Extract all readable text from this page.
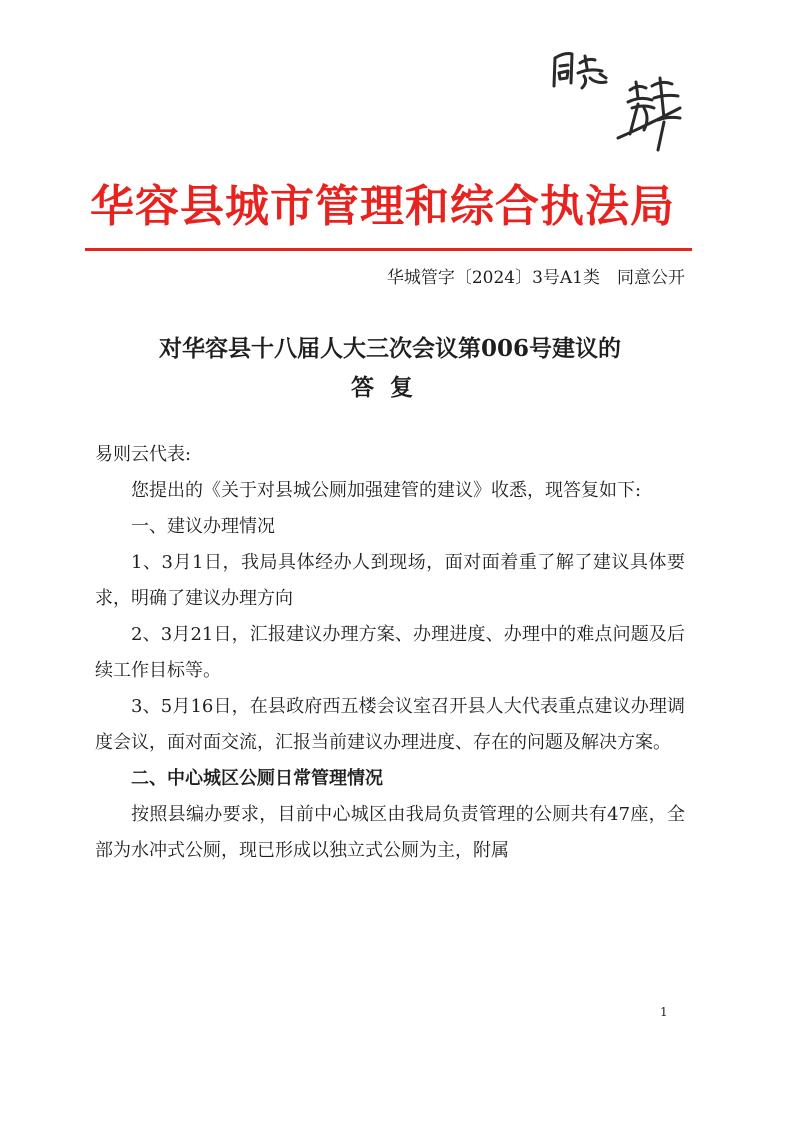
华容县城市管理和综合执法局
华城管字〔2024〕3号A1类　同意公开
对华容县十八届人大三次会议第006号建议的
答复

易则云代表:

您提出的《关于对县城公厕加强建管的建议》收悉，现答复如下:

一、建议办理情况

1、3月1日，我局具体经办人到现场，面对面着重了解了建议具体要求，明确了建议办理方向

2、3月21日，汇报建议办理方案、办理进度、办理中的难点问题及后续工作目标等。

3、5月16日，在县政府西五楼会议室召开县人大代表重点建议办理调度会议，面对面交流，汇报当前建议办理进度、存在的问题及解决方案。

二、中心城区公厕日常管理情况

按照县编办要求，目前中心城区由我局负责管理的公厕共有47座，全部为水冲式公厕，现已形成以独立式公厕为主，附属

1
